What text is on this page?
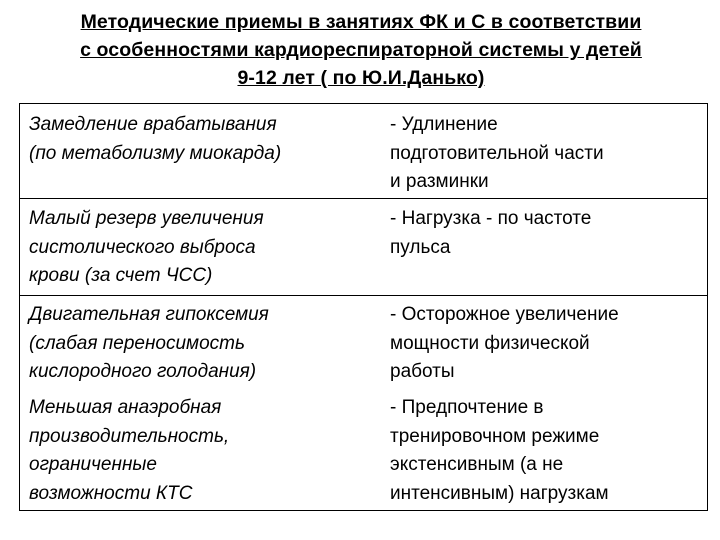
Методические приемы в занятиях ФК и С в соответствии
с особенностями кардиореспираторной системы у детей
9-12 лет ( по Ю.И.Данько)
Замедление врабатывания
(по метаболизму миокарда)
- Удлинение
подготовительной части
и разминки
Малый резерв увеличения
систолического выброса
крови (за счет ЧСС)
- Нагрузка - по частоте
пульса
Двигательная гипоксемия
(слабая переносимость
кислородного голодания)
- Осторожное увеличение
мощности физической
работы
Меньшая анаэробная
производительность,
ограниченные
возможности КТС
- Предпочтение в
тренировочном режиме
экстенсивным (а не
интенсивным) нагрузкам
